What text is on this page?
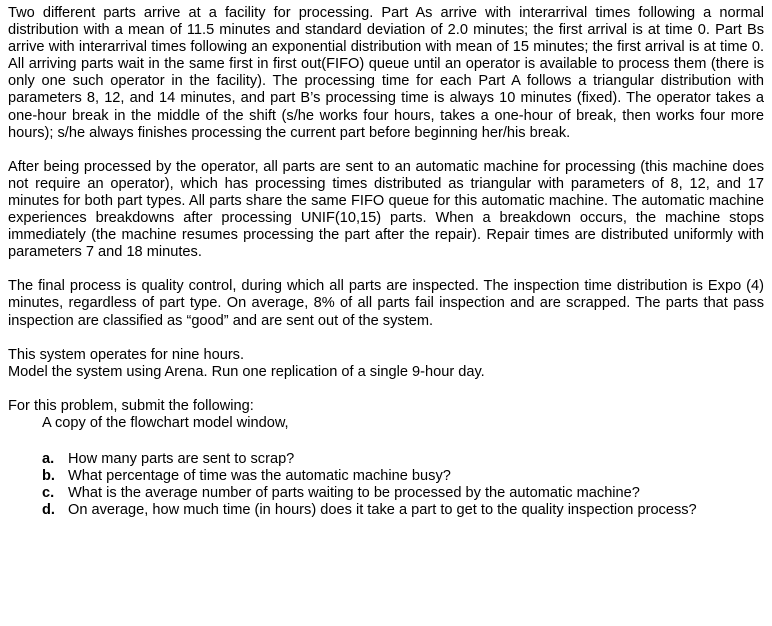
Two different parts arrive at a facility for processing. Part As arrive with interarrival times following a normal distribution with a mean of 11.5 minutes and standard deviation of 2.0 minutes; the first arrival is at time 0. Part Bs arrive with interarrival times following an exponential distribution with mean of 15 minutes; the first arrival is at time 0. All arriving parts wait in the same first in first out(FIFO) queue until an operator is available to process them (there is only one such operator in the facility). The processing time for each Part A follows a triangular distribution with parameters 8, 12, and 14 minutes, and part B’s processing time is always 10 minutes (fixed). The operator takes a one-hour break in the middle of the shift (s/he works four hours, takes a one-hour of break, then works four more hours); s/he always finishes processing the current part before beginning her/his break.

After being processed by the operator, all parts are sent to an automatic machine for processing (this machine does not require an operator), which has processing times distributed as triangular with parameters of 8, 12, and 17 minutes for both part types. All parts share the same FIFO queue for this automatic machine. The automatic machine experiences breakdowns after processing UNIF(10,15) parts. When a breakdown occurs, the machine stops immediately (the machine resumes processing the part after the repair). Repair times are distributed uniformly with parameters 7 and 18 minutes.

The final process is quality control, during which all parts are inspected. The inspection time distribution is Expo (4) minutes, regardless of part type. On average, 8% of all parts fail inspection and are scrapped. The parts that pass inspection are classified as “good” and are sent out of the system.

This system operates for nine hours.

Model the system using Arena. Run one replication of a single 9-hour day.

For this problem, submit the following:

A copy of the flowchart model window,

a. How many parts are sent to scrap?
b. What percentage of time was the automatic machine busy?
c. What is the average number of parts waiting to be processed by the automatic machine?
d. On average, how much time (in hours) does it take a part to get to the quality inspection process?
